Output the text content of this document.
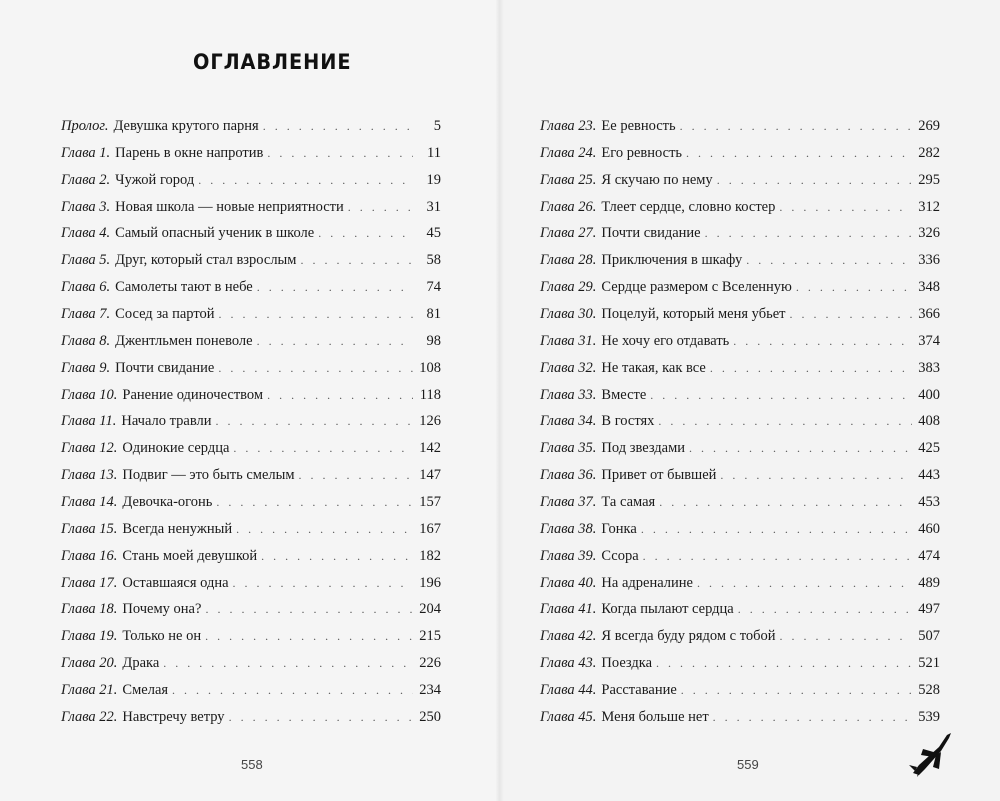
ОГЛАВЛЕНИЕ
Пролог. Девушка крутого парня . . .	5
Глава 1. Парень в окне напротив . . .	11
Глава 2. Чужой город . . .	19
Глава 3. Новая школа — новые неприятности . . .	31
Глава 4. Самый опасный ученик в школе . . .	45
Глава 5. Друг, который стал взрослым . . .	58
Глава 6. Самолеты тают в небе . . .	74
Глава 7. Сосед за партой . . .	81
Глава 8. Джентльмен поневоле . . .	98
Глава 9. Почти свидание . . .	108
Глава 10. Ранение одиночеством . . .	118
Глава 11. Начало травли . . .	126
Глава 12. Одинокие сердца . . .	142
Глава 13. Подвиг — это быть смелым . . .	147
Глава 14. Девочка-огонь . . .	157
Глава 15. Всегда ненужный . . .	167
Глава 16. Стань моей девушкой . . .	182
Глава 17. Оставшаяся одна . . .	196
Глава 18. Почему она? . . .	204
Глава 19. Только не он . . .	215
Глава 20. Драка . . .	226
Глава 21. Смелая . . .	234
Глава 22. Навстречу ветру . . .	250
558
Глава 23. Ее ревность . . .	269
Глава 24. Его ревность . . .	282
Глава 25. Я скучаю по нему . . .	295
Глава 26. Тлеет сердце, словно костер . . .	312
Глава 27. Почти свидание . . .	326
Глава 28. Приключения в шкафу . . .	336
Глава 29. Сердце размером с Вселенную . . .	348
Глава 30. Поцелуй, который меня убьет . . .	366
Глава 31. Не хочу его отдавать . . .	374
Глава 32. Не такая, как все . . .	383
Глава 33. Вместе . . .	400
Глава 34. В гостях . . .	408
Глава 35. Под звездами . . .	425
Глава 36. Привет от бывшей . . .	443
Глава 37. Та самая . . .	453
Глава 38. Гонка . . .	460
Глава 39. Ссора . . .	474
Глава 40. На адреналине . . .	489
Глава 41. Когда пылают сердца . . .	497
Глава 42. Я всегда буду рядом с тобой . . .	507
Глава 43. Поездка . . .	521
Глава 44. Расставание . . .	528
Глава 45. Меня больше нет . . .	539
559
